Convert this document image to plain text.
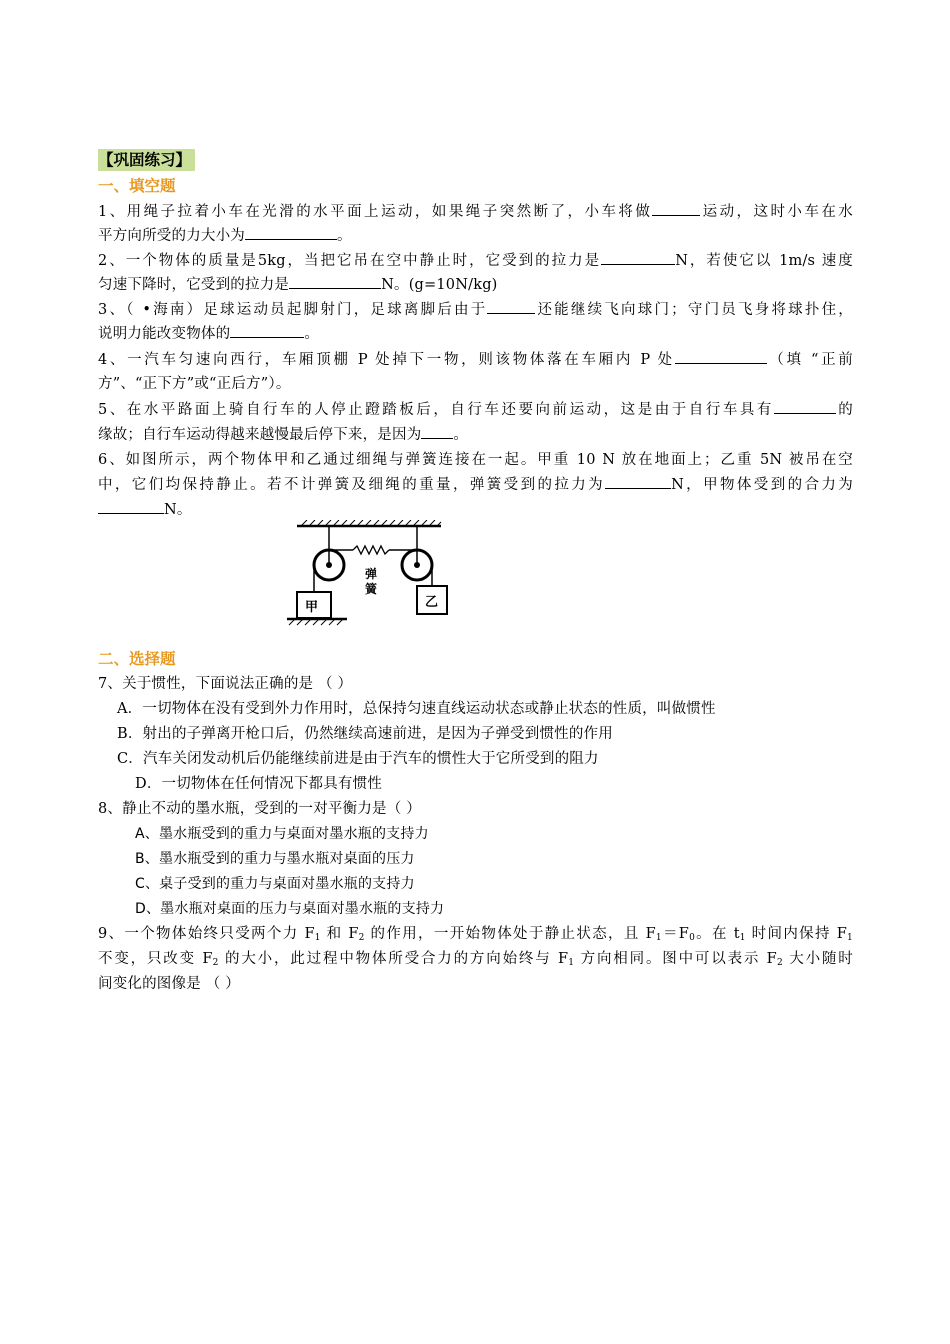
【巩固练习】
一、填空题
1、用绳子拉着小车在光滑的水平面上运动，如果绳子突然断了，小车将做	运动，这时小车在水
平方向所受的力大小为	。
2、一个物体的质量是5kg，当把它吊在空中静止时，它受到的拉力是	N，若使它以 1m/s 速度
匀速下降时，它受到的拉力是	N。(g=10N/kg)
3、（ •海南）足球运动员起脚射门，足球离脚后由于	还能继续飞向球门；守门员飞身将球扑住，
说明力能改变物体的	。
4、一汽车匀速向西行，车厢顶棚 P 处掉下一物，则该物体落在车厢内 P 处	（填 “正前
方”、“正下方”或“正后方”）。
5、在水平路面上骑自行车的人停止蹬踏板后，自行车还要向前运动，这是由于自行车具有	的
缘故；自行车运动得越来越慢最后停下来，是因为 。
6、如图所示，两个物体甲和乙通过细绳与弹簧连接在一起。甲重 10 N 放在地面上；乙重 5N 被吊在空
中，它们均保持静止。若不计弹簧及细绳的重量，弹簧受到的拉力为	N，甲物体受到的合力为
N。
弹
簧
甲	乙
二、选择题
7、关于惯性，下面说法正确的是 （ ）
A．一切物体在没有受到外力作用时，总保持匀速直线运动状态或静止状态的性质，叫做惯性
B．射出的子弹离开枪口后，仍然继续高速前进，是因为子弹受到惯性的作用
C．汽车关闭发动机后仍能继续前进是由于汽车的惯性大于它所受到的阻力
D．一切物体在任何情况下都具有惯性
8、静止不动的墨水瓶，受到的一对平衡力是（ ）
A、墨水瓶受到的重力与桌面对墨水瓶的支持力
B、墨水瓶受到的重力与墨水瓶对桌面的压力
C、桌子受到的重力与桌面对墨水瓶的支持力
D、墨水瓶对桌面的压力与桌面对墨水瓶的支持力
9、一个物体始终只受两个力 $F_1$ 和 $F_2$ 的作用，一开始物体处于静止状态，且 $F_1=F_0$。在 $t_1$ 时间内保持 $F_1$
不变，只改变 $F_2$ 的大小，此过程中物体所受合力的方向始终与 $F_1$ 方向相同。图中可以表示 $F_2$ 大小随时
间变化的图像是 （ ）
